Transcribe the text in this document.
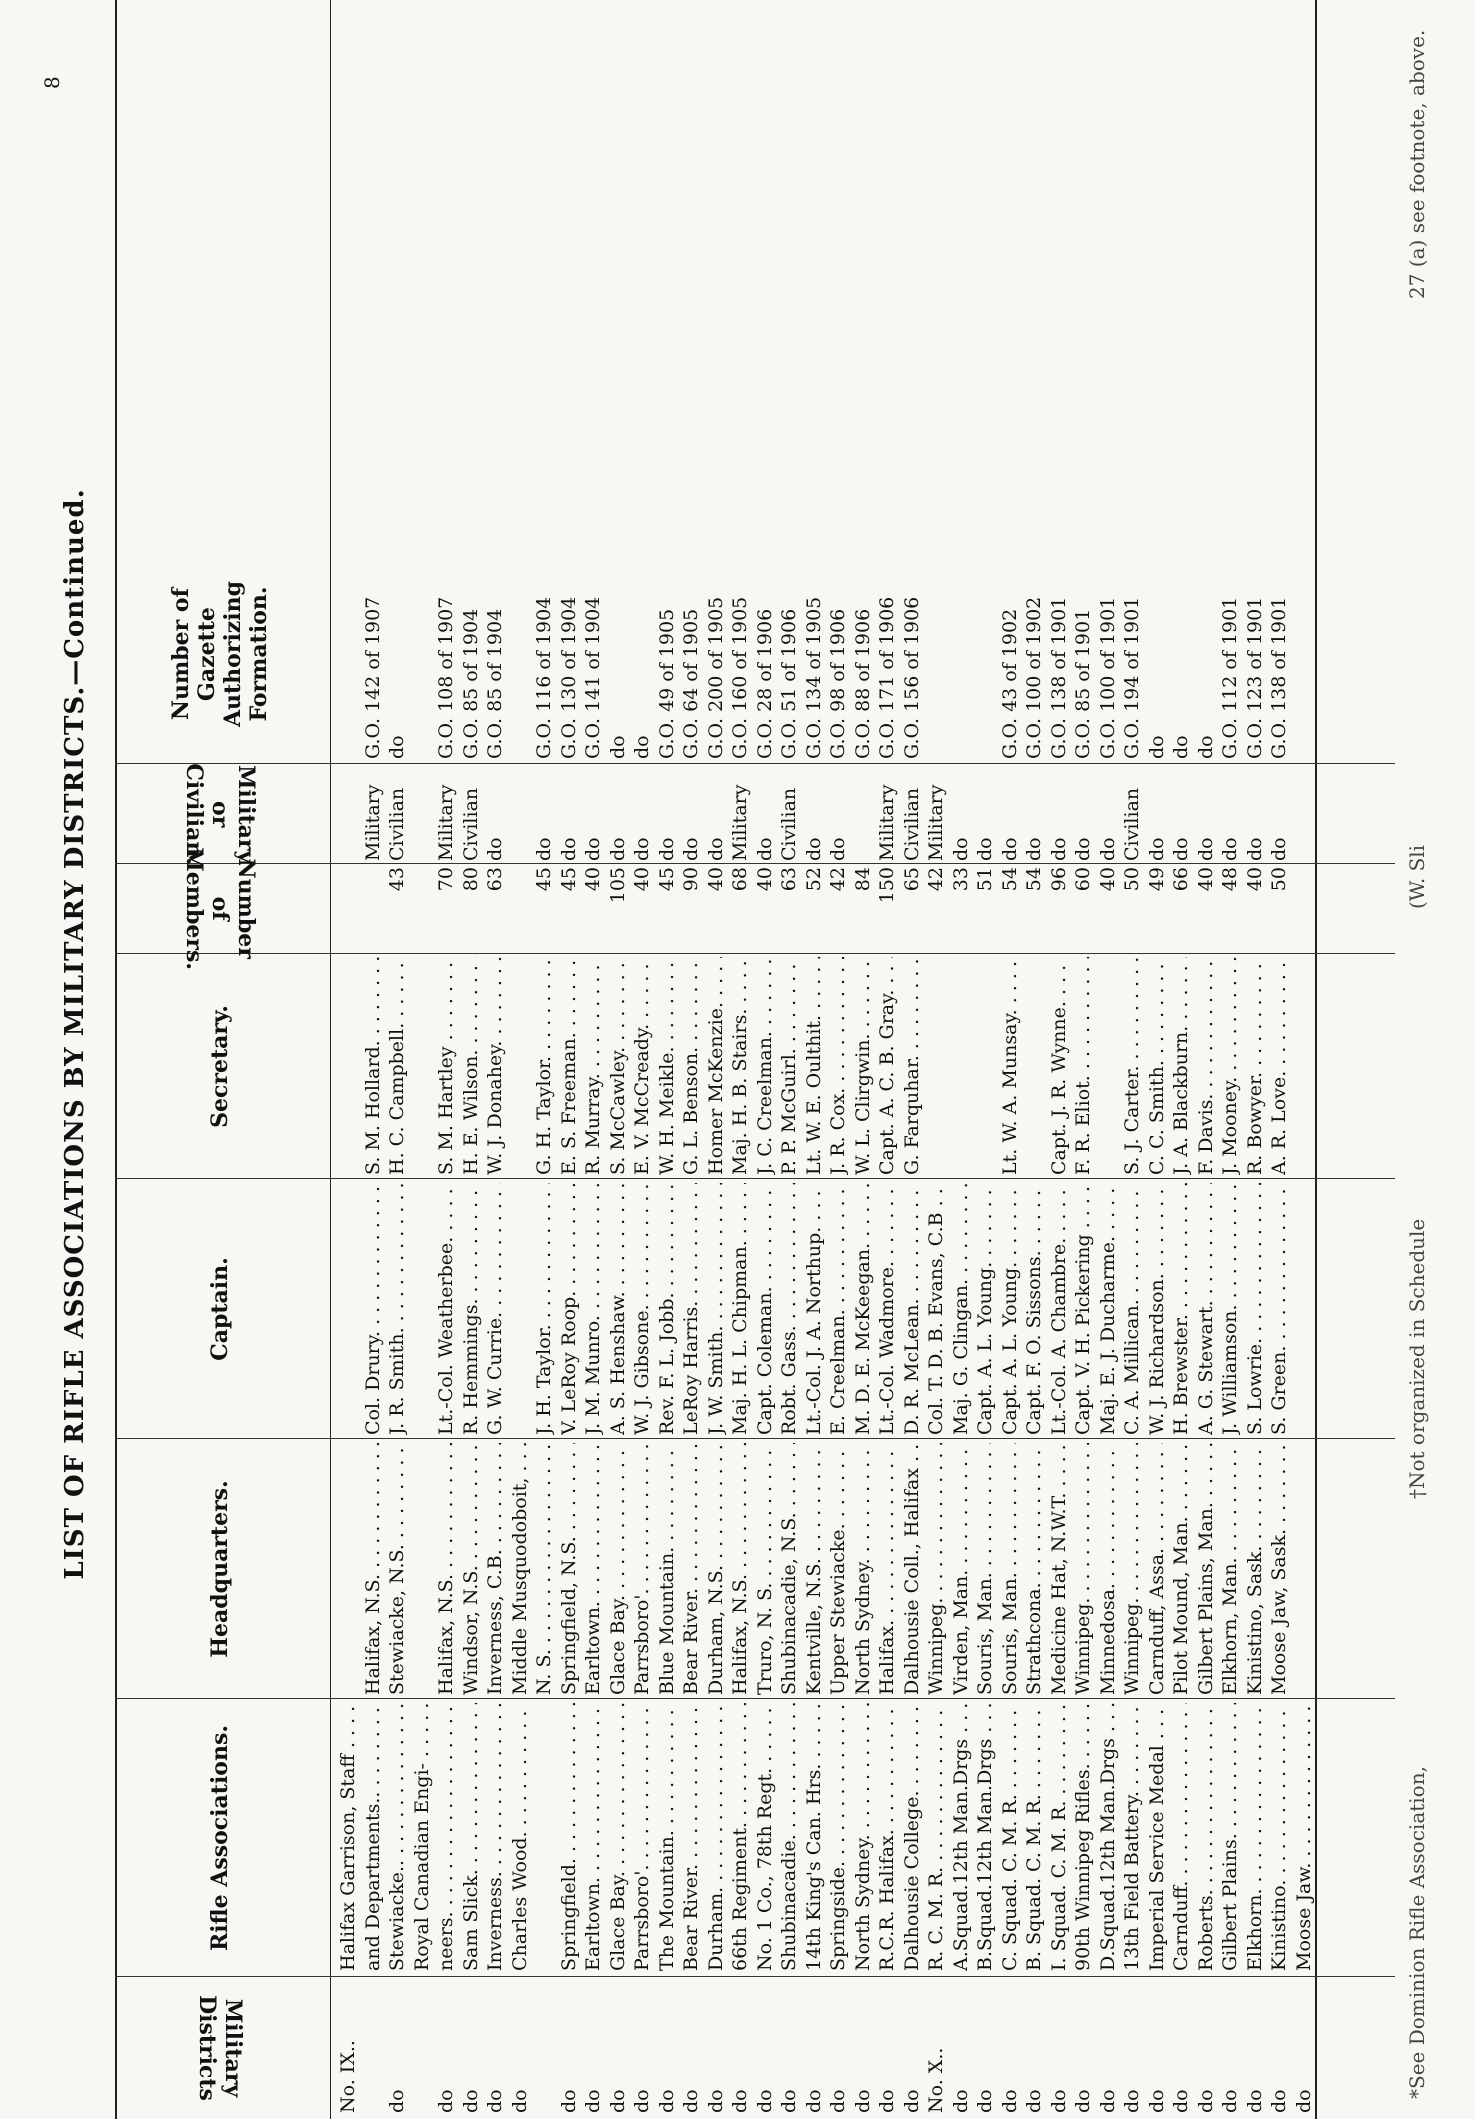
8
LIST OF RIFLE ASSOCIATIONS BY MILITARY DISTRICTS.—Continued.
Military Districts
Rifle Associations.
Headquarters.
Captain.
Secretary.
Number of Members.
Military or Civilian.
Number of Gazette Authorizing Formation.
No. IX..
Halifax Garrison, Staff . . . and Departments.. . . .
Halifax, N.S. . . .
Col. Drury. . . .
S. M. Hollard. . . .
Military
G.O. 142 of 1907
do
Stewiacke.. . . .
Stewiacke, N.S. . . .
J. R. Smith. . . .
H. C. Campbell. . . .
43
Civilian
do
Royal Canadian Engi- . . .
do
neers. . . .
Halifax, N.S. . . .
Lt.-Col. Weatherbee. . . .
S. M. Hartley . . .
70
Military
G.O. 108 of 1907
do
Sam Slick. . . .
Windsor, N.S. . . .
R. Hemmings. . . .
H. E. Wilson. . . .
80
Civilian
G.O. 85 of 1904
do
Inverness. . . .
Inverness, C.B. . . .
G. W. Currie. . . .
W. J. Donahey. . . .
63
do
G.O. 85 of 1904
do
Charles Wood. . . .
Middle Musquodoboit, . . . N. S. . . .
J. H. Taylor. . . .
G. H. Taylor. . . .
45
do
G.O. 116 of 1904
do
Springfield. . . .
Springfield, N.S. . . .
V. LeRoy Roop. . . .
E. S. Freeman. . . .
45
do
G.O. 130 of 1904
do
Earltown. . . .
Earltown. . . .
J. M. Munro. . . .
R. Murray. . . .
40
do
G.O. 141 of 1904
do
Glace Bay. . . .
Glace Bay. . . .
A. S. Henshaw. . . .
S. McCawley. . . .
105
do
do
do
Parrsboro'. . . .
Parrsboro'. . . .
W. J. Gibsone. . . .
E. V. McCready. . . .
40
do
do
do
The Mountain. . . .
Blue Mountain. . . .
Rev. F. L. Jobb. . . .
W. H. Meikle. . . .
45
do
G.O. 49 of 1905
do
Bear River. . . .
Bear River. . . .
LeRoy Harris. . . .
G. L. Benson. . . .
90
do
G.O. 64 of 1905
do
Durham. . . .
Durham, N.S. . . .
J. W. Smith. . . .
Homer McKenzie. . . .
40
do
G.O. 200 of 1905
do
66th Regiment. . . .
Halifax, N.S. . . .
Maj. H. L. Chipman. . . .
Maj. H. B. Stairs. . . .
68
Military
G.O. 160 of 1905
do
No. 1 Co., 78th Regt. . . .
Truro, N. S. . . .
Capt. Coleman. . . .
J. C. Creelman. . . .
40
do
G.O. 28 of 1906
do
Shubinacadie. . . .
Shubinacadie, N.S. . . .
Robt. Gass. . . .
P. P. McGuirl. . . .
63
Civilian
G.O. 51 of 1906
do
14th King's Can. Hrs. . . .
Kentville, N.S. . . .
Lt.-Col. J. A. Northup. . . .
Lt. W. E. Oulthit. . . .
52
do
G.O. 134 of 1905
do
Springside. . . .
Upper Stewiacke. . . .
E. Creelman. . . .
J. R. Cox. . . .
42
do
G.O. 98 of 1906
do
North Sydney. . . .
North Sydney. . . .
M. D. E. McKeegan. . . .
W. L. Clirgwin. . . .
84
G.O. 88 of 1906
do
R.C.R. Halifax. . . .
Halifax. . . .
Lt.-Col. Wadmore. . . .
Capt. A. C. B. Gray. . . .
150
Military
G.O. 171 of 1906
do
Dalhousie College. . . .
Dalhousie Coll., Halifax . . .
D. R. McLean. . . .
G. Farquhar. . . .
65
Civilian
G.O. 156 of 1906
No. X..
R. C. M. R. . . .
Winnipeg. . . .
Col. T. D. B. Evans, C.B . . .
42
Military
do
A.Squad.12th Man.Drgs . . .
Virden, Man. . . .
Maj. G. Clingan. . . .
33
do
do
B.Squad.12th Man.Drgs . . .
Souris, Man. . . .
Capt. A. L. Young. . . .
51
do
do
C. Squad. C. M. R. . . .
Souris, Man. . . .
Capt. A. L. Young. . . .
Lt. W. A. Munsay. . . .
54
do
G.O. 43 of 1902
do
B. Squad. C. M. R. . . .
Strathcona. . . .
Capt. F. O. Sissons. . . .
54
do
G.O. 100 of 1902
do
I. Squad. C. M. R. . . .
Medicine Hat, N.W.T. . . .
Lt.-Col. A. Chambre. . . .
Capt. J. R. Wynne. . . .
96
do
G.O. 138 of 1901
do
90th Winnipeg Rifles. . . .
Winnipeg. . . .
Capt. V. H. Pickering . . .
F. R. Eliot. . . .
60
do
G.O. 85 of 1901
do
D.Squad.12th Man.Drgs . . .
Minnedosa. . . .
Maj. E. J. Ducharme. . . .
40
do
G.O. 100 of 1901
do
13th Field Battery. . . .
Winnipeg. . . .
C. A. Millican. . . .
S. J. Carter. . . .
50
Civilian
G.O. 194 of 1901
do
Imperial Service Medal . . .
Carnduff, Assa. . . .
W. J. Richardson. . . .
C. C. Smith. . . .
49
do
do
do
Carnduff. . . .
Pilot Mound, Man. . . .
H. Brewster. . . .
J. A. Blackburn. . . .
66
do
do
do
Roberts. . . .
Gilbert Plains, Man. . . .
A. G. Stewart. . . .
F. Davis. . . .
40
do
do
do
Gilbert Plains. . . .
Elkhorn, Man. . . .
J. Williamson. . . .
J. Mooney. . . .
48
do
G.O. 112 of 1901
do
Elkhorn. . . .
Kinistino, Sask. . . .
S. Lowrie. . . .
R. Bowyer. . . .
40
do
G.O. 123 of 1901
do
Kinistino. . . .
Moose Jaw, Sask. . . .
S. Green. . . .
A. R. Love. . . .
50
do
G.O. 138 of 1901
do
Moose Jaw. . . .	*See Dominion Rifle Association,
†Not organized in Schedule
(W. Sli
27 (a) see footnote, above.
